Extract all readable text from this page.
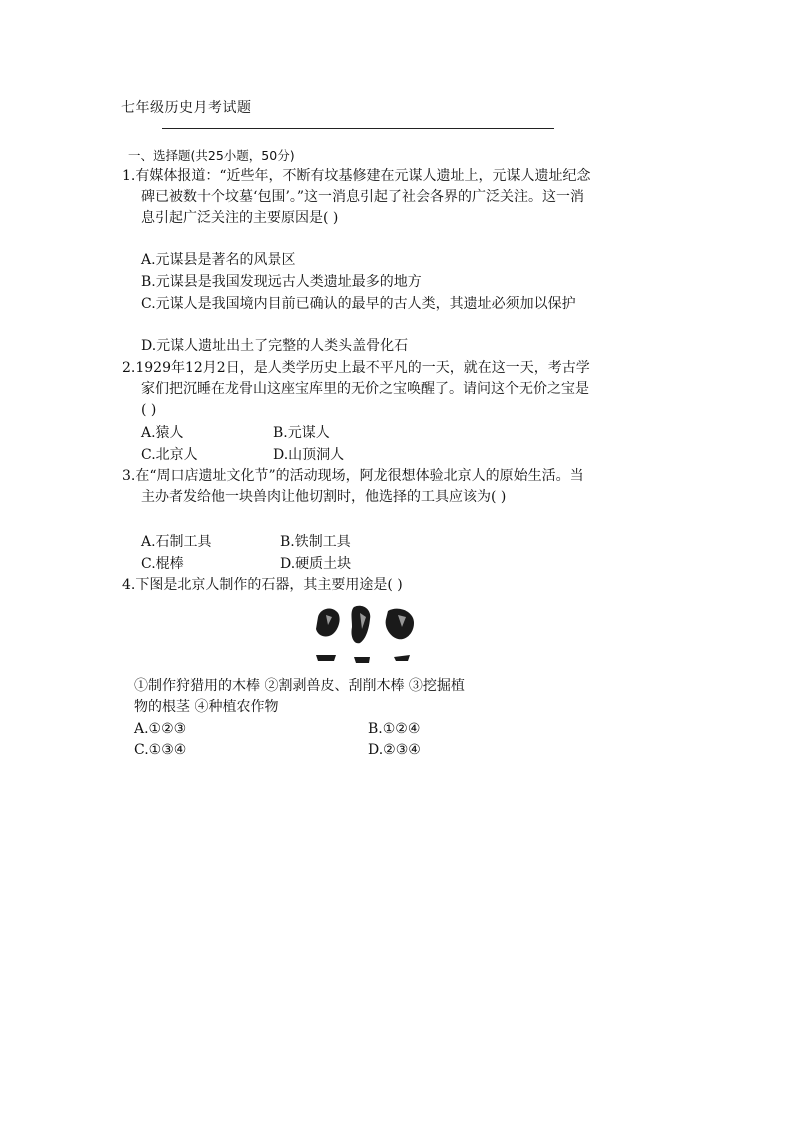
七年级历史月考试题
一、选择题(共25小题，50分)

1.有媒体报道：“近些年，不断有坟基修建在元谋人遗址上，元谋人遗址纪念碑已被数十个坟墓‘包围’。”这一消息引起了社会各界的广泛关注。这一消息引起广泛关注的主要原因是( )

A.元谋县是著名的风景区
B.元谋县是我国发现远古人类遗址最多的地方
C.元谋人是我国境内目前已确认的最早的古人类，其遗址必须加以保护
D.元谋人遗址出土了完整的人类头盖骨化石

2.1929年12月2日，是人类学历史上最不平凡的一天，就在这一天，考古学家们把沉睡在龙骨山这座宝库里的无价之宝唤醒了。请问这个无价之宝是( )

A.猿人	B.元谋人
C.北京人	D.山顶洞人

3.在“周口店遗址文化节”的活动现场，阿龙很想体验北京人的原始生活。当主办者发给他一块兽肉让他切割时，他选择的工具应该为( )

A.石制工具	B.铁制工具
C.棍棒	D.硬质土块

4.下图是北京人制作的石器，其主要用途是( )

①制作狩猎用的木棒 ②割剥兽皮、刮削木棒 ③挖掘植
物的根茎 ④种植农作物
A.①②③	B.①②④
C.①③④	D.②③④
